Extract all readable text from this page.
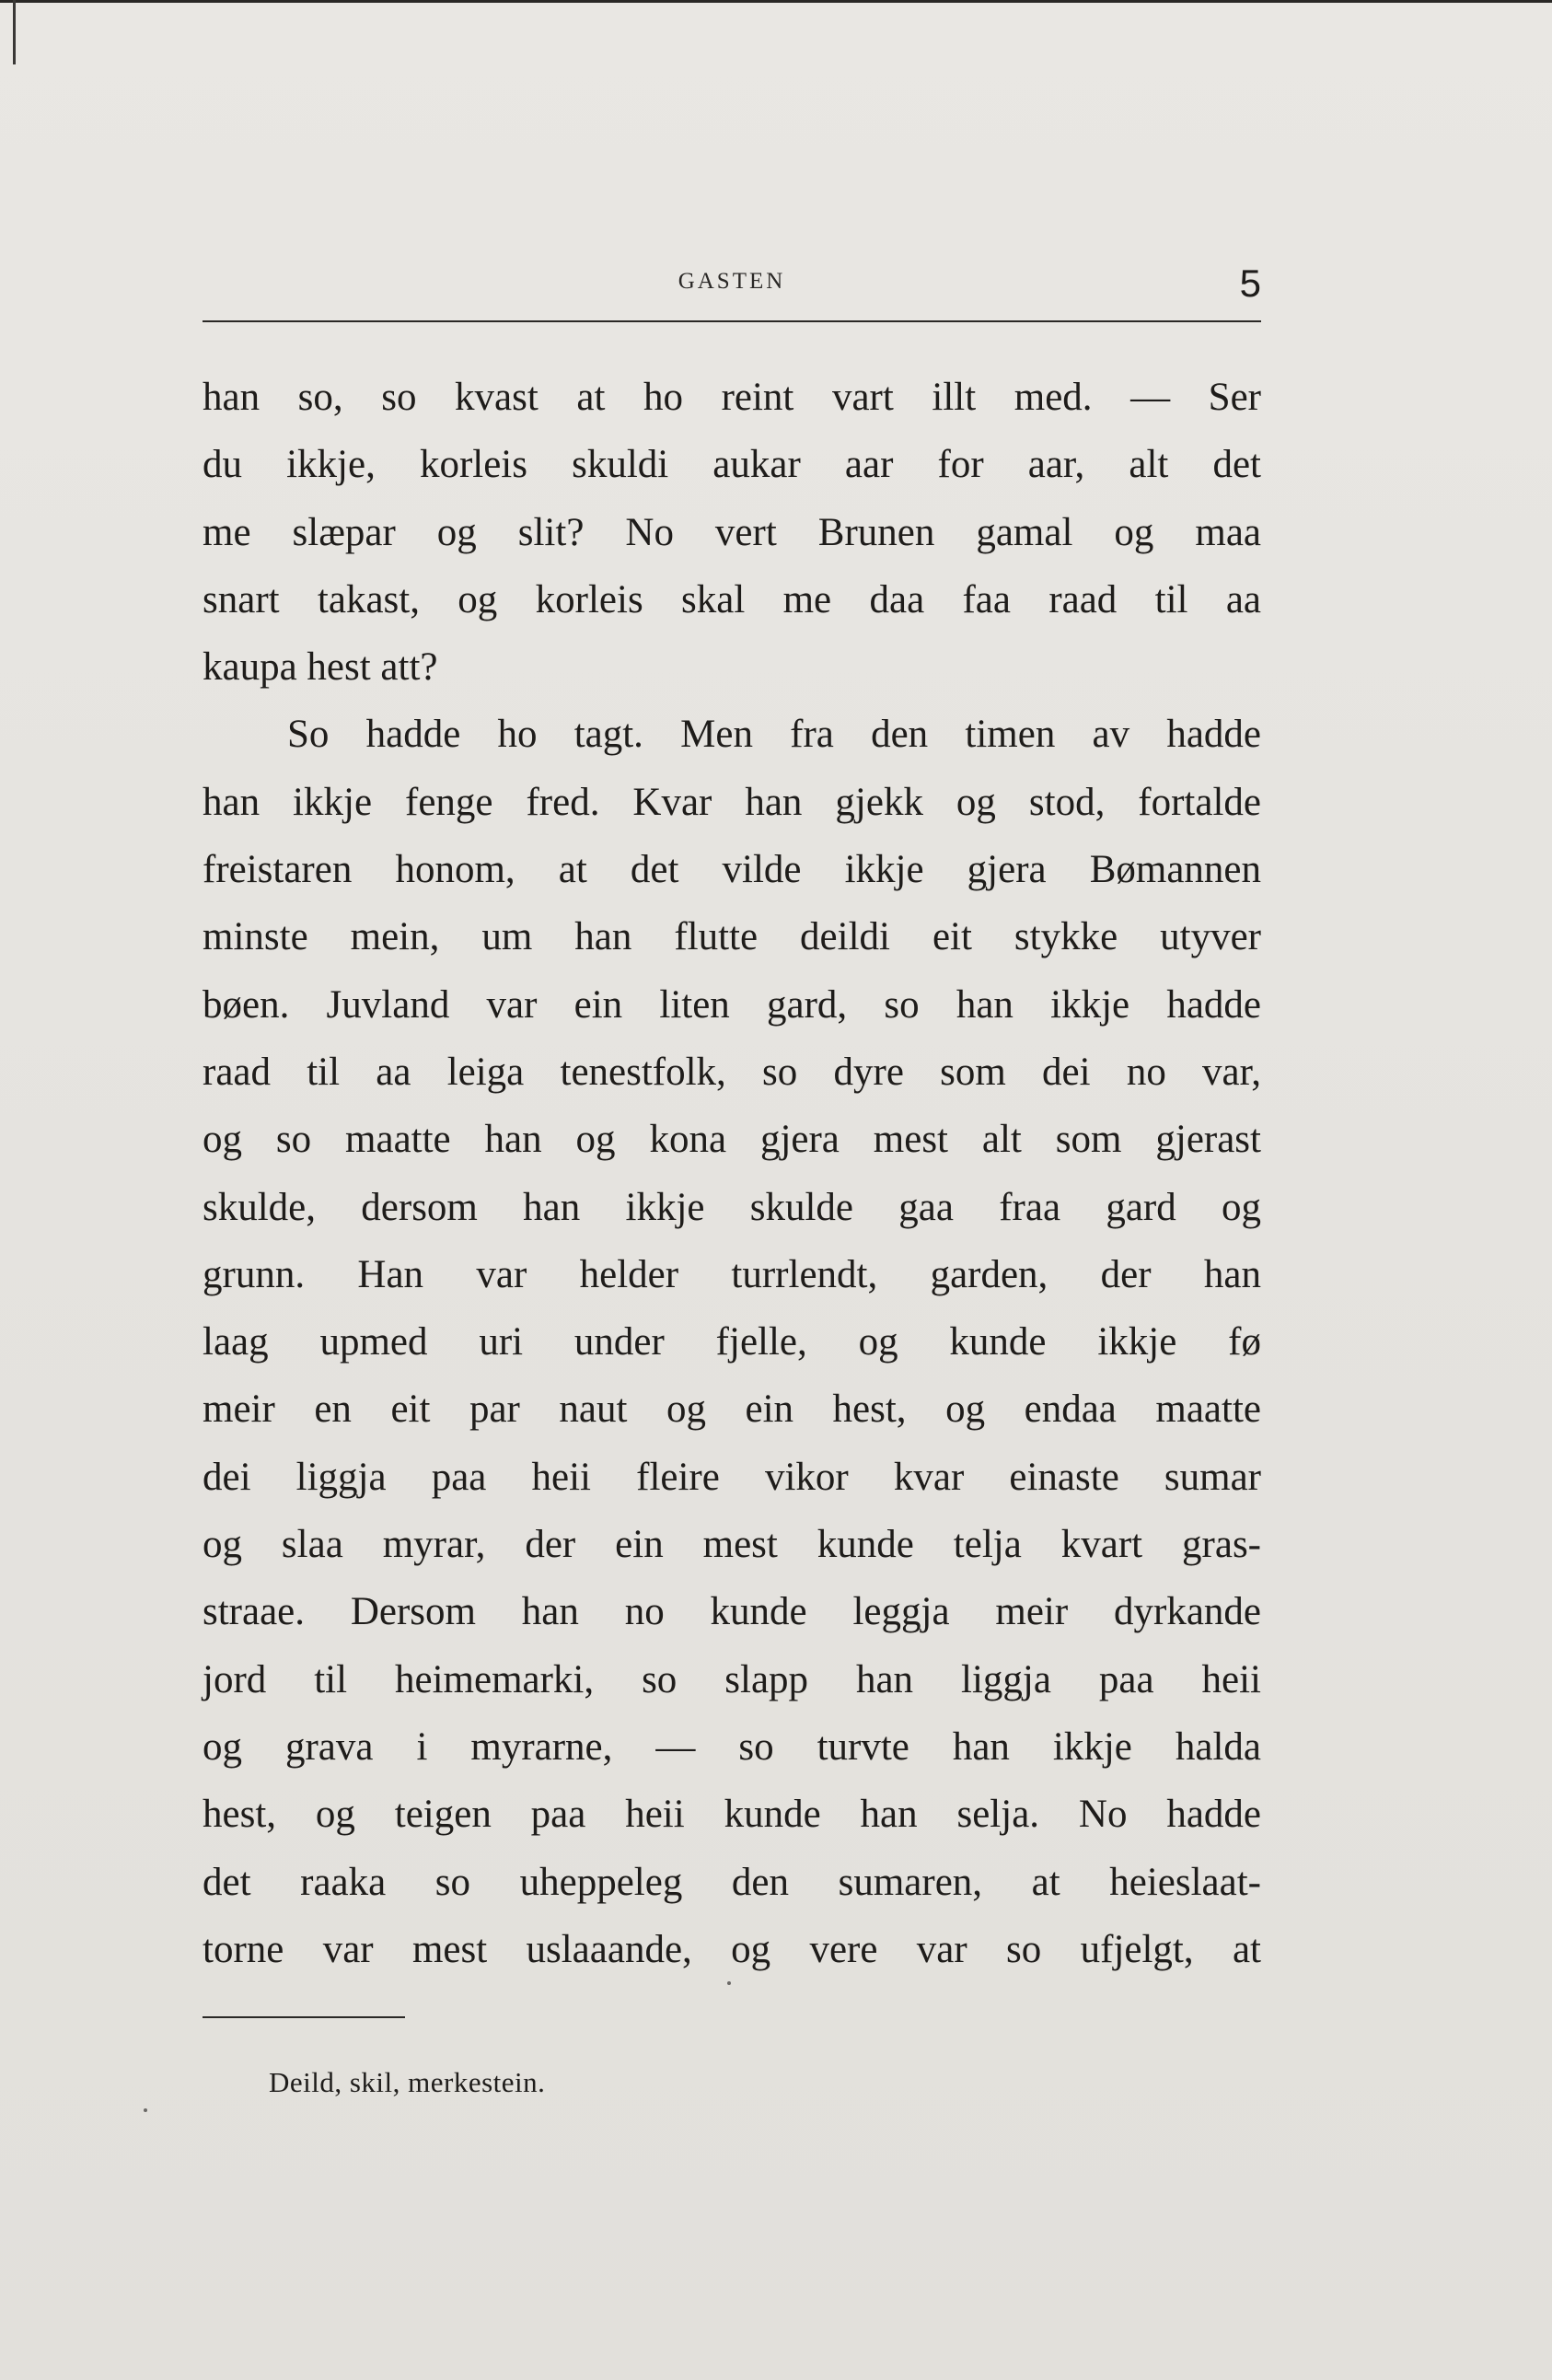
GASTEN	5
han so, so kvast at ho reint vart illt med. — Ser
du ikkje, korleis skuldi aukar aar for aar, alt det
me slæpar og slit? No vert Brunen gamal og maa
snart takast, og korleis skal me daa faa raad til aa
kaupa hest att?
So hadde ho tagt. Men fra den timen av hadde
han ikkje fenge fred. Kvar han gjekk og stod, fortalde
freistaren honom, at det vilde ikkje gjera Bømannen
minste mein, um han flutte deildi eit stykke utyver
bøen. Juvland var ein liten gard, so han ikkje hadde
raad til aa leiga tenestfolk, so dyre som dei no var,
og so maatte han og kona gjera mest alt som gjerast
skulde, dersom han ikkje skulde gaa fraa gard og
grunn. Han var helder turrlendt, garden, der han
laag upmed uri under fjelle, og kunde ikkje fø
meir en eit par naut og ein hest, og endaa maatte
dei liggja paa heii fleire vikor kvar einaste sumar
og slaa myrar, der ein mest kunde telja kvart gras-
straae. Dersom han no kunde leggja meir dyrkande
jord til heimemarki, so slapp han liggja paa heii
og grava i myrarne, — so turvte han ikkje halda
hest, og teigen paa heii kunde han selja. No hadde
det raaka so uheppeleg den sumaren, at heieslaat-
torne var mest uslaaande, og vere var so ufjelgt, at
Deild, skil, merkestein.
